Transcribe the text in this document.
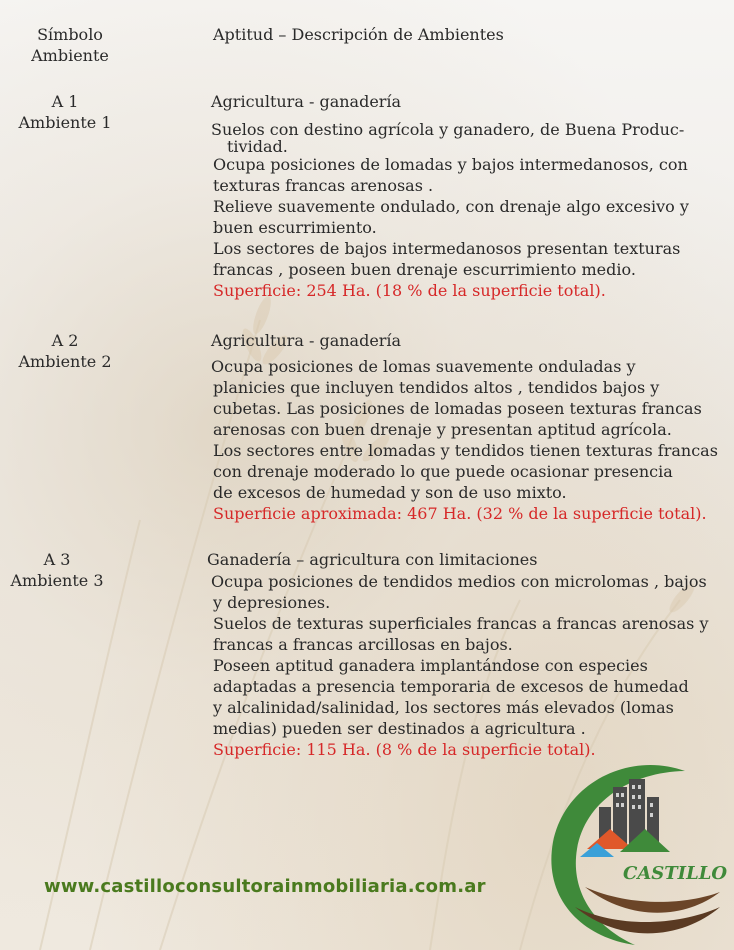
Símbolo
Ambiente
Aptitud – Descripción de Ambientes
A 1
Ambiente 1
Agricultura - ganadería
Suelos con destino agrícola y ganadero, de Buena Produc-
tividad.
Ocupa posiciones de lomadas y bajos intermedanosos, con
texturas francas arenosas .
Relieve suavemente ondulado, con drenaje algo excesivo y
buen escurrimiento.
Los sectores de bajos intermedanosos presentan texturas
francas , poseen buen drenaje escurrimiento medio.
Superficie: 254 Ha. (18 % de la superficie total).
A 2
Ambiente 2
Agricultura - ganadería
Ocupa posiciones de lomas suavemente onduladas y
planicies que incluyen tendidos altos , tendidos bajos y
cubetas. Las posiciones de lomadas poseen texturas francas
arenosas con buen drenaje y presentan aptitud agrícola.
Los sectores entre lomadas y tendidos tienen texturas francas
con drenaje moderado lo que puede ocasionar presencia
de excesos de humedad y son de uso mixto.
Superficie aproximada: 467 Ha. (32 % de la superficie total).
A 3
Ambiente 3
Ganadería – agricultura con limitaciones
Ocupa posiciones de tendidos medios con microlomas , bajos
y depresiones.
Suelos de texturas superficiales francas a francas arenosas y
francas a francas arcillosas en bajos.
Poseen aptitud ganadera implantándose con especies
adaptadas a presencia temporaria de excesos de humedad
y alcalinidad/salinidad, los sectores más elevados (lomas
medias) pueden ser destinados a agricultura .
Superficie: 115 Ha. (8 % de la superficie total).
www.castilloconsultorainmobiliaria.com.ar
CASTILLO
